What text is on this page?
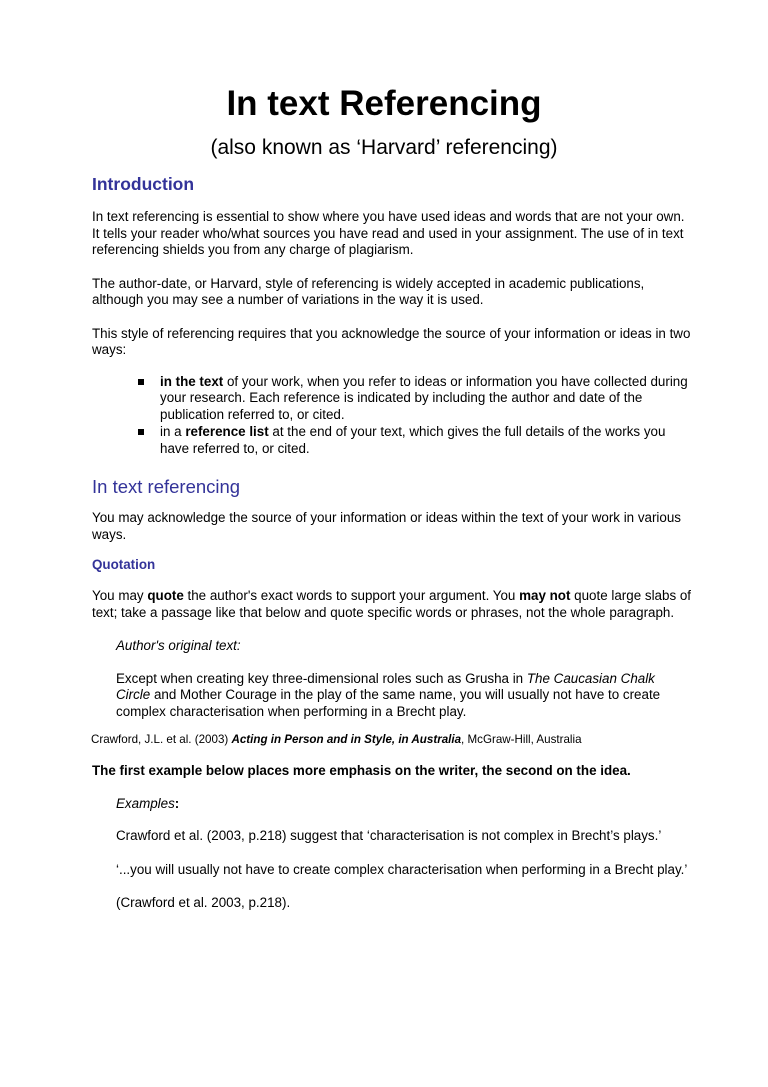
In text Referencing
(also known as ‘Harvard’ referencing)
Introduction

In text referencing is essential to show where you have used ideas and words that are not your own. It tells your reader who/what sources you have read and used in your assignment. The use of in text referencing shields you from any charge of plagiarism.

The author-date, or Harvard, style of referencing is widely accepted in academic publications, although you may see a number of variations in the way it is used.

This style of referencing requires that you acknowledge the source of your information or ideas in two ways:

in the text of your work, when you refer to ideas or information you have collected during your research. Each reference is indicated by including the author and date of the publication referred to, or cited.
in a reference list at the end of your text, which gives the full details of the works you have referred to, or cited.
In text referencing

You may acknowledge the source of your information or ideas within the text of your work in various ways.

Quotation

You may quote the author's exact words to support your argument. You may not quote large slabs of text; take a passage like that below and quote specific words or phrases, not the whole paragraph.

Author's original text:

Except when creating key three-dimensional roles such as Grusha in The Caucasian Chalk Circle and Mother Courage in the play of the same name, you will usually not have to create complex characterisation when performing in a Brecht play.

Crawford, J.L. et al. (2003) Acting in Person and in Style, in Australia, McGraw-Hill, Australia

The first example below places more emphasis on the writer, the second on the idea.

Examples:

Crawford et al. (2003, p.218) suggest that ‘characterisation is not complex in Brecht’s plays.’

‘...you will usually not have to create complex characterisation when performing in a Brecht play.’

(Crawford et al. 2003, p.218).
